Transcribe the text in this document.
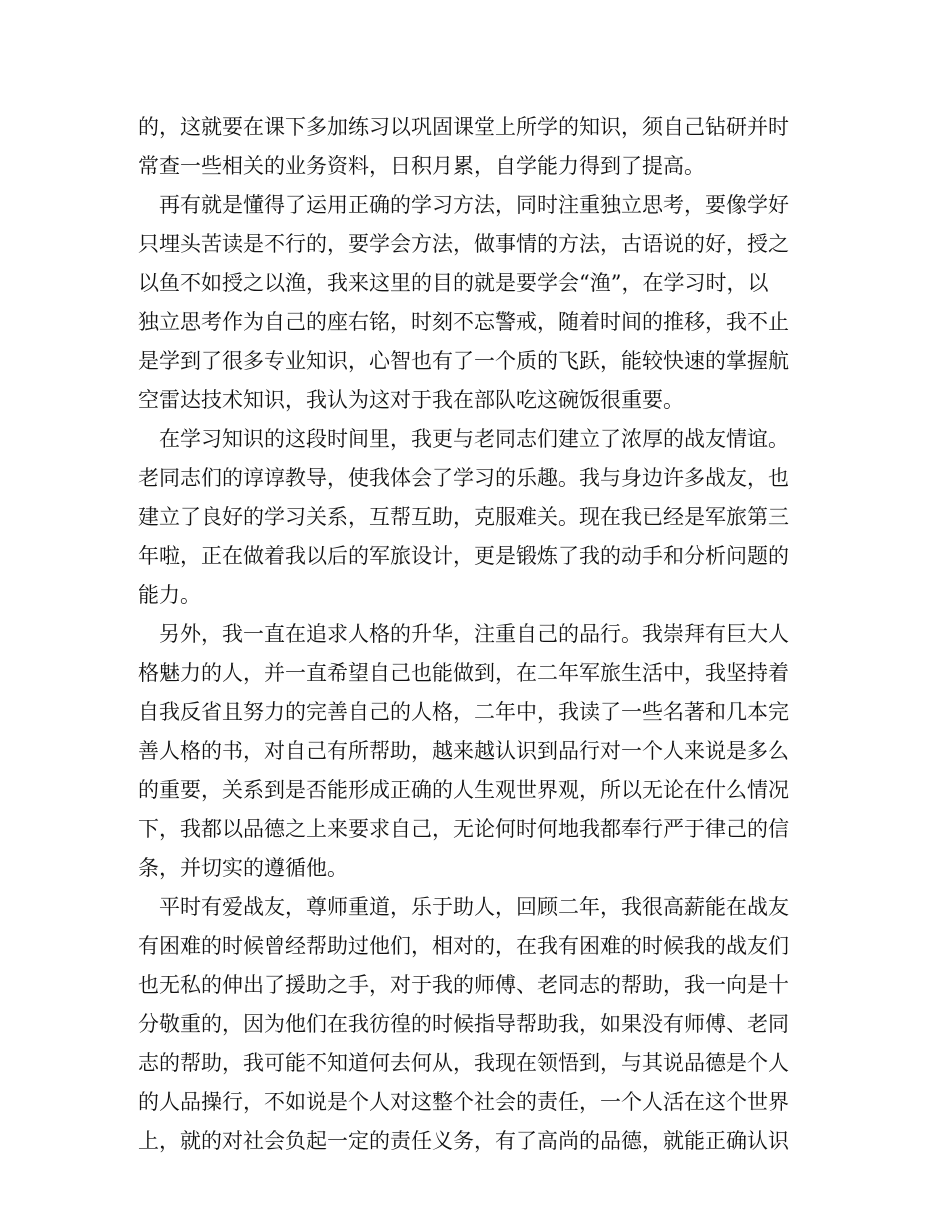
的，这就要在课下多加练习以巩固课堂上所学的知识，须自己钻研并时
常查一些相关的业务资料，日积月累，自学能力得到了提高。
　再有就是懂得了运用正确的学习方法，同时注重独立思考，要像学好
只埋头苦读是不行的，要学会方法，做事情的方法，古语说的好，授之
以鱼不如授之以渔，我来这里的目的就是要学会“渔”，在学习时，以
独立思考作为自己的座右铭，时刻不忘警戒，随着时间的推移，我不止
是学到了很多专业知识，心智也有了一个质的飞跃，能较快速的掌握航
空雷达技术知识，我认为这对于我在部队吃这碗饭很重要。
　在学习知识的这段时间里，我更与老同志们建立了浓厚的战友情谊。
老同志们的谆谆教导，使我体会了学习的乐趣。我与身边许多战友，也
建立了良好的学习关系，互帮互助，克服难关。现在我已经是军旅第三
年啦，正在做着我以后的军旅设计，更是锻炼了我的动手和分析问题的
能力。
　另外，我一直在追求人格的升华，注重自己的品行。我崇拜有巨大人
格魅力的人，并一直希望自己也能做到，在二年军旅生活中，我坚持着
自我反省且努力的完善自己的人格，二年中，我读了一些名著和几本完
善人格的书，对自己有所帮助，越来越认识到品行对一个人来说是多么
的重要，关系到是否能形成正确的人生观世界观，所以无论在什么情况
下，我都以品德之上来要求自己，无论何时何地我都奉行严于律己的信
条，并切实的遵循他。
　平时有爱战友，尊师重道，乐于助人，回顾二年，我很高薪能在战友
有困难的时候曾经帮助过他们，相对的，在我有困难的时候我的战友们
也无私的伸出了援助之手，对于我的师傅、老同志的帮助，我一向是十
分敬重的，因为他们在我彷徨的时候指导帮助我，如果没有师傅、老同
志的帮助，我可能不知道何去何从，我现在领悟到，与其说品德是个人
的人品操行，不如说是个人对这整个社会的责任，一个人活在这个世界
上，就的对社会负起一定的责任义务，有了高尚的品德，就能正确认识
